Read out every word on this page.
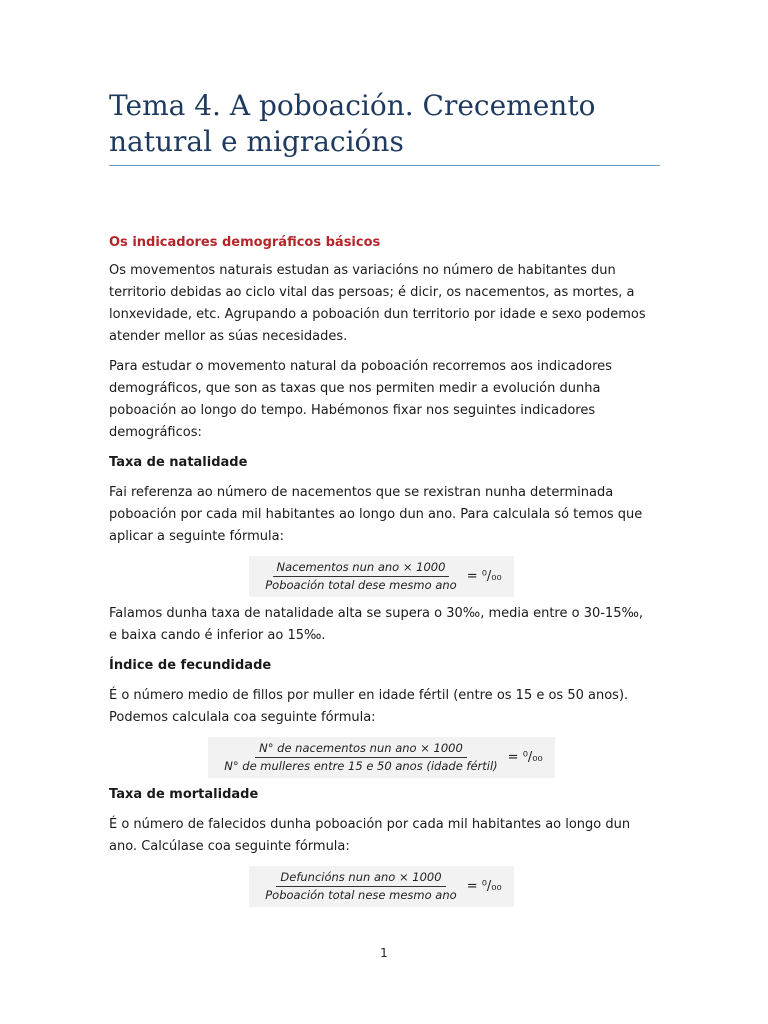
Tema 4. A poboación. Crecemento natural e migracións
Os indicadores demográficos básicos

Os movementos naturais estudan as variacións no número de habitantes dun territorio debidas ao ciclo vital das persoas; é dicir, os nacementos, as mortes, a lonxevidade, etc. Agrupando a poboación dun territorio por idade e sexo podemos atender mellor as súas necesidades.

Para estudar o movemento natural da poboación recorremos aos indicadores demográficos, que son as taxas que nos permiten medir a evolución dunha poboación ao longo do tempo. Habémonos fixar nos seguintes indicadores demográficos:

Taxa de natalidade

Fai referenza ao número de nacementos que se rexistran nunha determinada poboación por cada mil habitantes ao longo dun ano. Para calculala só temos que aplicar a seguinte fórmula:

$\frac{\text{Nacementos nun ano × 1000}}{\text{Poboación total dese mesmo ano}} = ^0/_{00}$

Falamos dunha taxa de natalidade alta se supera o 30‰, media entre o 30-15‰, e baixa cando é inferior ao 15‰.

Índice de fecundidade

É o número medio de fillos por muller en idade fértil (entre os 15 e os 50 anos). Podemos calculala coa seguinte fórmula:

$\frac{\text{N° de nacementos nun ano × 1000}}{\text{N° de mulleres entre 15 e 50 anos (idade fértil)}} = ^0/_{00}$
Taxa de mortalidade

É o número de falecidos dunha poboación por cada mil habitantes ao longo dun ano. Calcúlase coa seguinte fórmula:

$\frac{\text{Defuncións nun ano × 1000}}{\text{Poboación total nese mesmo ano}} = ^0/_{00}$
1
